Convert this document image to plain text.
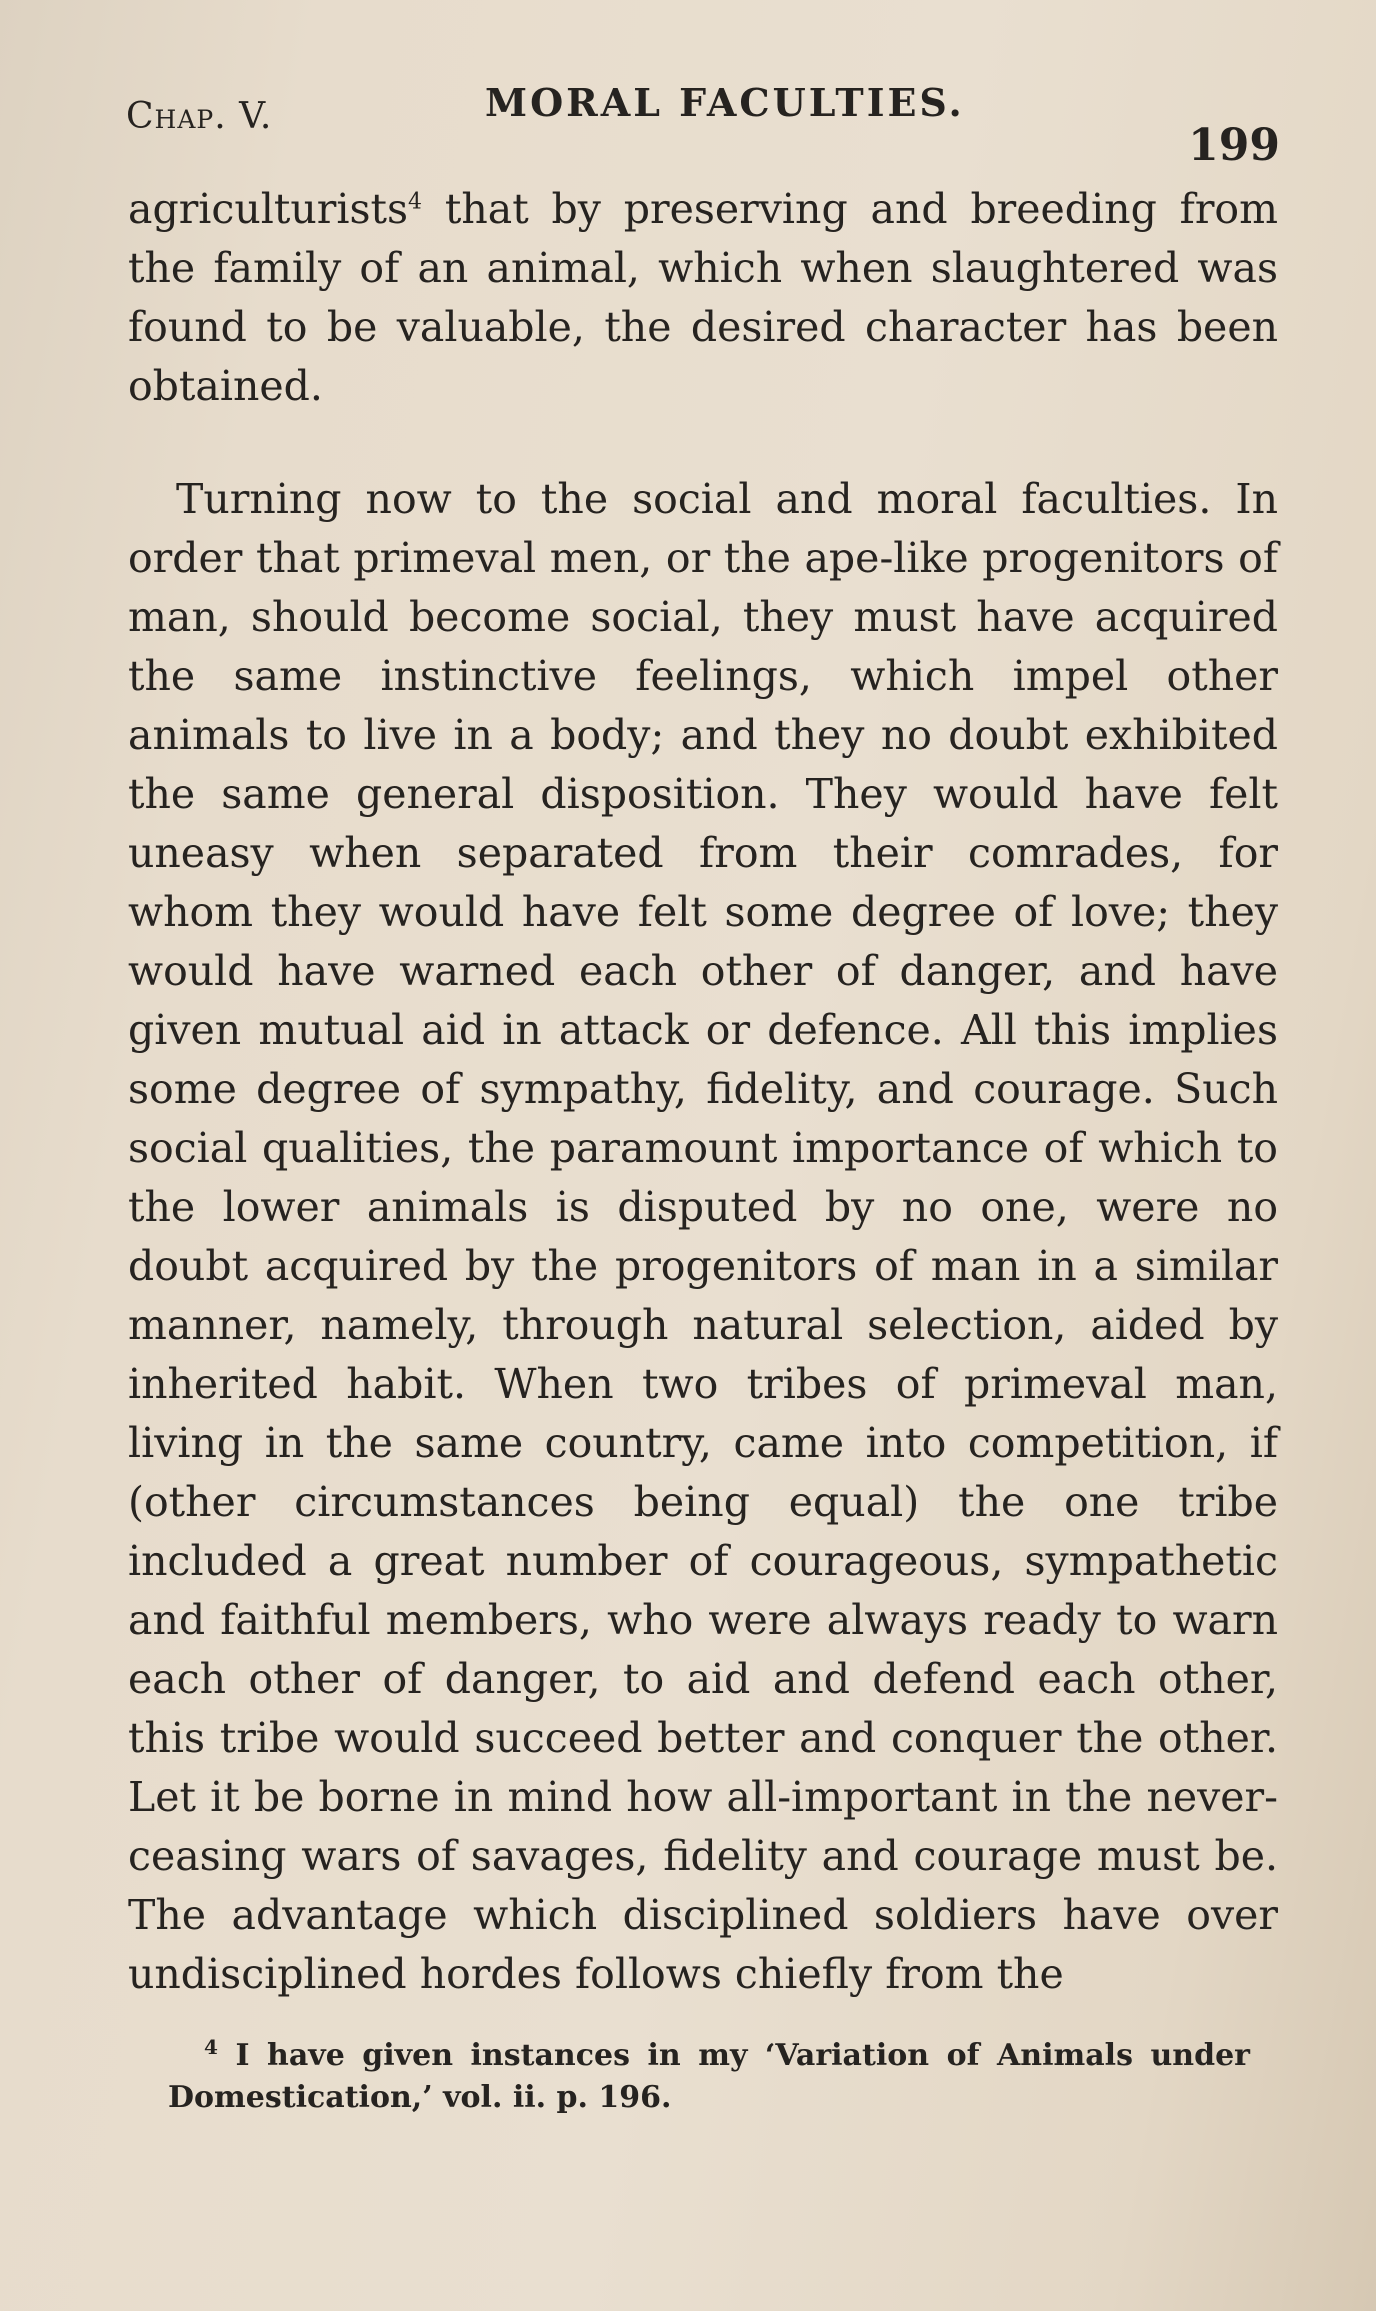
Chap. V.	MORAL FACULTIES.
199

agriculturists$^4$ that by preserving and breeding from the family of an animal, which when slaughtered was found to be valuable, the desired character has been obtained.

Turning now to the social and moral faculties. In order that primeval men, or the ape-like progenitors of man, should become social, they must have acquired the same instinctive feelings, which impel other animals to live in a body; and they no doubt exhibited the same general disposition. They would have felt uneasy when separated from their comrades, for whom they would have felt some degree of love; they would have warned each other of danger, and have given mutual aid in attack or defence. All this implies some degree of sympathy, fidelity, and courage. Such social qualities, the paramount importance of which to the lower animals is disputed by no one, were no doubt acquired by the progenitors of man in a similar manner, namely, through natural selection, aided by inherited habit. When two tribes of primeval man, living in the same country, came into competition, if (other circumstances being equal) the one tribe included a great number of courageous, sympathetic and faithful members, who were always ready to warn each other of danger, to aid and defend each other, this tribe would succeed better and conquer the other. Let it be borne in mind how all-important in the never-ceasing wars of savages, fidelity and courage must be. The advantage which disciplined soldiers have over undisciplined hordes follows chiefly from the

$^4$ I have given instances in my ‘Variation of Animals under Domestication,’ vol. ii. p. 196.
